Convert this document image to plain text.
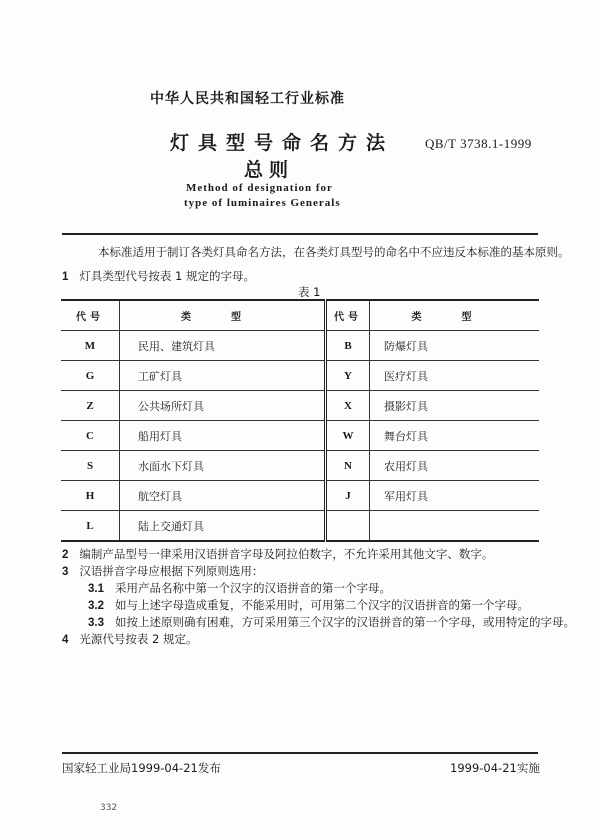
中华人民共和国轻工行业标准
灯具型号命名方法
总则
QB/T 3738.1-1999
Method of designation for
type of luminaires Generals
本标准适用于制订各类灯具命名方法，在各类灯具型号的命名中不应违反本标准的基本原则。
1 灯具类型代号按表 1 规定的字母。
表 1
代号	类型	代号	类型
M	民用、建筑灯具	B	防爆灯具
G	工矿灯具	Y	医疗灯具
Z	公共场所灯具	X	摄影灯具
C	船用灯具	W	舞台灯具
S	水面水下灯具	N	农用灯具
H	航空灯具	J	军用灯具
L	陆上交通灯具		
2 编制产品型号一律采用汉语拼音字母及阿拉伯数字，不允许采用其他文字、数字。
3 汉语拼音字母应根据下列原则选用：
3.1 采用产品名称中第一个汉字的汉语拼音的第一个字母。
3.2 如与上述字母造成重复，不能采用时，可用第二个汉字的汉语拼音的第一个字母。
3.3 如按上述原则确有困难，方可采用第三个汉字的汉语拼音的第一个字母，或用特定的字母。
4 光源代号按表 2 规定。
国家轻工业局1999-04-21发布	1999-04-21实施
332
